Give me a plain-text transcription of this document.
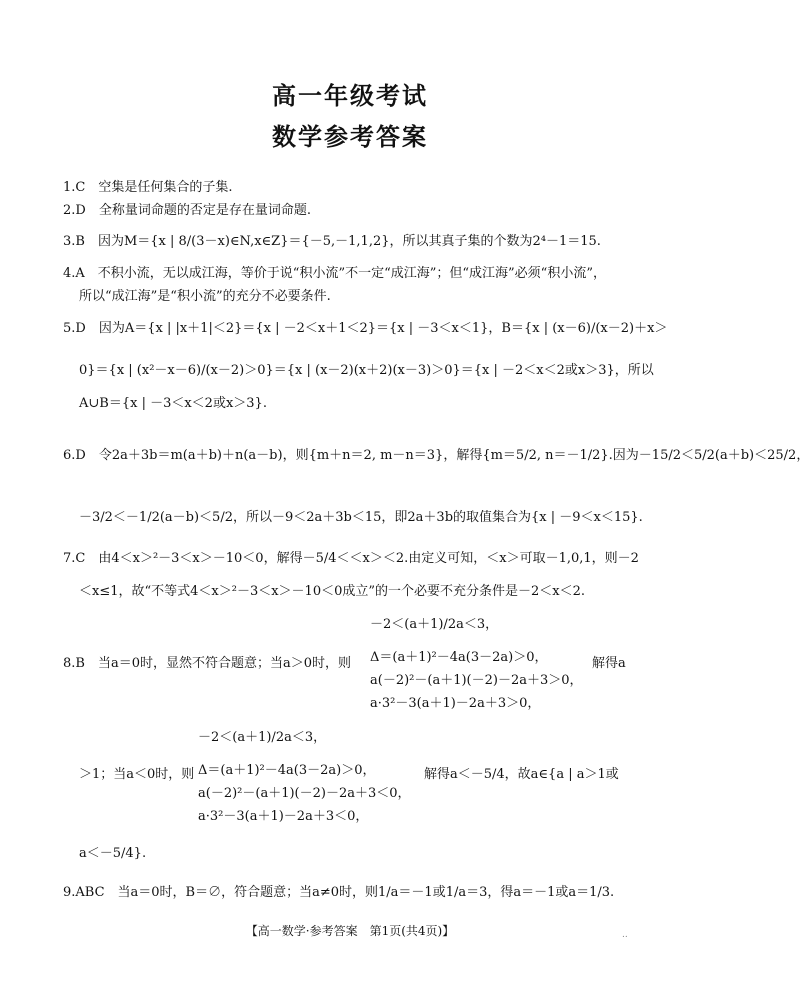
高一年级考试
数学参考答案
1.C　空集是任何集合的子集.
2.D　全称量词命题的否定是存在量词命题.
3.B　因为M＝{x | 8/(3－x)∈N,x∈Z}＝{－5,－1,1,2}，所以其真子集的个数为2⁴－1＝15.
4.A　不积小流，无以成江海，等价于说“积小流”不一定“成江海”；但“成江海”必须“积小流”，
所以“成江海”是“积小流”的充分不必要条件.
5.D　因为A＝{x | |x＋1|＜2}＝{x | －2＜x＋1＜2}＝{x | －3＜x＜1}，B＝{x | (x－6)/(x－2)＋x＞
0}＝{x | (x²－x－6)/(x－2)＞0}＝{x | (x－2)(x＋2)(x－3)＞0}＝{x | －2＜x＜2或x＞3}，所以
A∪B＝{x | －3＜x＜2或x＞3}.
6.D　令2a＋3b＝m(a＋b)＋n(a－b)，则{m＋n＝2, m－n＝3}，解得{m＝5/2, n＝－1/2}.因为－15/2＜5/2(a＋b)＜25/2，
－3/2＜－1/2(a－b)＜5/2，所以－9＜2a＋3b＜15，即2a＋3b的取值集合为{x | －9＜x＜15}.
7.C　由4＜x＞²－3＜x＞－10＜0，解得－5/4＜＜x＞＜2.由定义可知，＜x＞可取－1,0,1，则－2
＜x≤1，故“不等式4＜x＞²－3＜x＞－10＜0成立”的一个必要不充分条件是－2＜x＜2.
8.B　当a＝0时，显然不符合题意；当a＞0时，则
－2＜(a＋1)/2a＜3，
Δ＝(a＋1)²－4a(3－2a)＞0，
a(－2)²－(a＋1)(－2)－2a＋3＞0，
a·3²－3(a＋1)－2a＋3＞0，
解得a
＞1；当a＜0时，则
－2＜(a＋1)/2a＜3，
Δ＝(a＋1)²－4a(3－2a)＞0，
a(－2)²－(a＋1)(－2)－2a＋3＜0，
a·3²－3(a＋1)－2a＋3＜0，
解得a＜－5/4，故a∈{a | a＞1或
a＜－5/4}.
9.ABC　当a＝0时，B＝∅，符合题意；当a≠0时，则1/a＝－1或1/a＝3，得a＝－1或a＝1/3.
【高一数学·参考答案　第1页(共4页)】	..
